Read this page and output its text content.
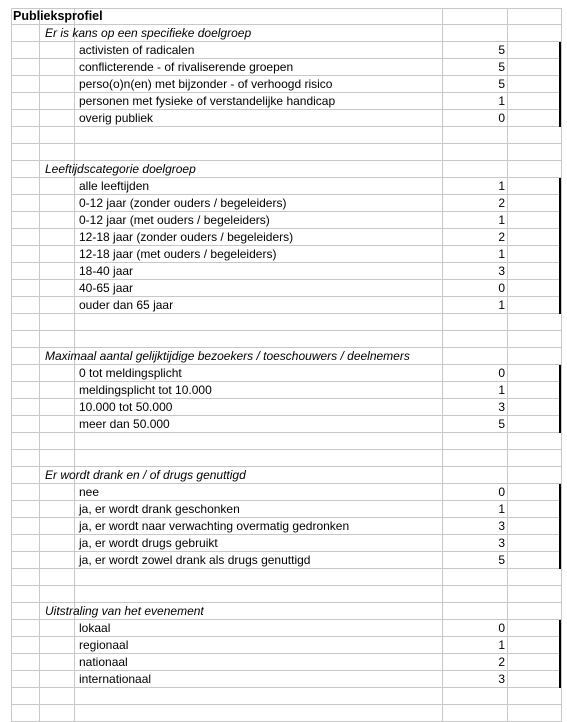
Publieksprofiel
Er is kans op een specifieke doelgroep
5
activisten of radicalen
5
conflicterende - of rivaliserende groepen
5
perso(o)n(en) met bijzonder - of verhoogd risico
1
personen met fysieke of verstandelijke handicap
0
overig publiek
Leeftijdscategorie doelgroep
1
alle leeftijden
2
0-12 jaar (zonder ouders / begeleiders)
1
0-12 jaar (met ouders / begeleiders)
2
12-18 jaar (zonder ouders / begeleiders)
1
12-18 jaar (met ouders / begeleiders)
3
18-40 jaar
0
40-65 jaar
1
ouder dan 65 jaar
Maximaal aantal gelijktijdige bezoekers / toeschouwers / deelnemers
0
0 tot meldingsplicht
1
meldingsplicht tot 10.000
3
10.000 tot 50.000
5
meer dan 50.000
Er wordt drank en / of drugs genuttigd
0
nee
1
ja, er wordt drank geschonken
3
ja, er wordt naar verwachting overmatig gedronken
3
ja, er wordt drugs gebruikt
5
ja, er wordt zowel drank als drugs genuttigd
Uitstraling van het evenement
0
lokaal
1
regionaal
2
nationaal
3
internationaal
